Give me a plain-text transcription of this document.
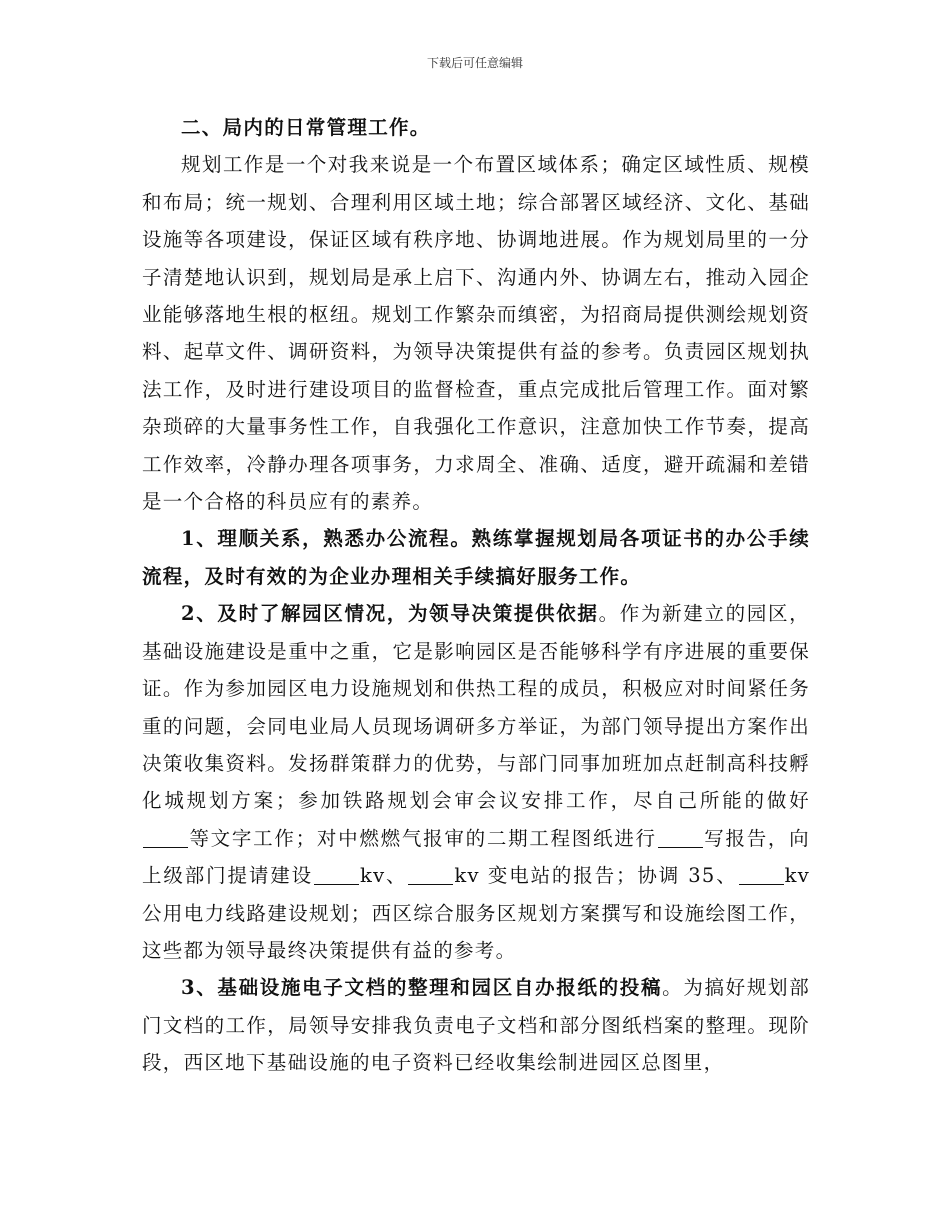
下载后可任意编辑

二、局内的日常管理工作。

规划工作是一个对我来说是一个布置区域体系；确定区域性质、规模和布局；统一规划、合理利用区域土地；综合部署区域经济、文化、基础设施等各项建设，保证区域有秩序地、协调地进展。作为规划局里的一分子清楚地认识到，规划局是承上启下、沟通内外、协调左右，推动入园企业能够落地生根的枢纽。规划工作繁杂而缜密，为招商局提供测绘规划资料、起草文件、调研资料，为领导决策提供有益的参考。负责园区规划执法工作，及时进行建设项目的监督检查，重点完成批后管理工作。面对繁杂琐碎的大量事务性工作，自我强化工作意识，注意加快工作节奏，提高工作效率，冷静办理各项事务，力求周全、准确、适度，避开疏漏和差错是一个合格的科员应有的素养。

1、理顺关系，熟悉办公流程。熟练掌握规划局各项证书的办公手续流程，及时有效的为企业办理相关手续搞好服务工作。

2、及时了解园区情况，为领导决策提供依据。作为新建立的园区，基础设施建设是重中之重，它是影响园区是否能够科学有序进展的重要保证。作为参加园区电力设施规划和供热工程的成员，积极应对时间紧任务重的问题，会同电业局人员现场调研多方举证，为部门领导提出方案作出决策收集资料。发扬群策群力的优势，与部门同事加班加点赶制高科技孵化城规划方案；参加铁路规划会审会议安排工作，尽自己所能的做好等文字工作；对中燃燃气报审的二期工程图纸进行 写报告，向上级部门提请建设 kv、 kv 变电站的报告；协调 35、 kv 公用电力线路建设规划；西区综合服务区规划方案撰写和设施绘图工作，这些都为领导最终决策提供有益的参考。

3、基础设施电子文档的整理和园区自办报纸的投稿。为搞好规划部门文档的工作，局领导安排我负责电子文档和部分图纸档案的整理。现阶段，西区地下基础设施的电子资料已经收集绘制进园区总图里，
